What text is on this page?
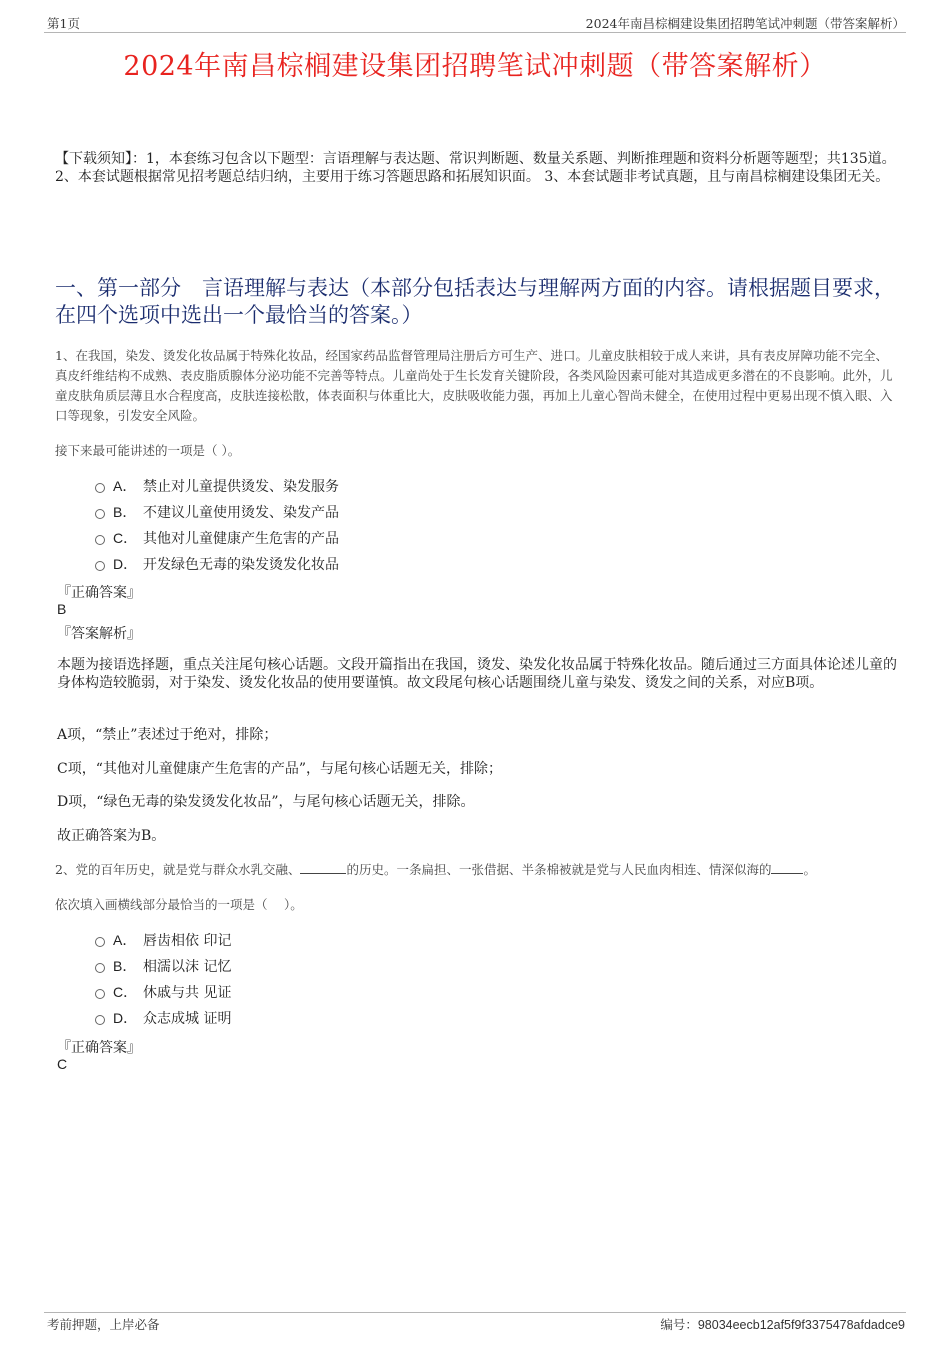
第1页	2024年南昌棕榈建设集团招聘笔试冲刺题（带答案解析）
2024年南昌棕榈建设集团招聘笔试冲刺题（带答案解析）
【下载须知】：1，本套练习包含以下题型：言语理解与表达题、常识判断题、数量关系题、判断推理题和资料分析题等题型；共135道。 2、本套试题根据常见招考题总结归纳，主要用于练习答题思路和拓展知识面。 3、本套试题非考试真题，且与南昌棕榈建设集团无关。
一、第一部分　言语理解与表达（本部分包括表达与理解两方面的内容。请根据题目要求，在四个选项中选出一个最恰当的答案。）
1、在我国，染发、烫发化妆品属于特殊化妆品，经国家药品监督管理局注册后方可生产、进口。儿童皮肤相较于成人来讲，具有表皮屏障功能不完全、真皮纤维结构不成熟、表皮脂质腺体分泌功能不完善等特点。儿童尚处于生长发育关键阶段，各类风险因素可能对其造成更多潜在的不良影响。此外，儿童皮肤角质层薄且水合程度高，皮肤连接松散，体表面积与体重比大，皮肤吸收能力强，再加上儿童心智尚未健全，在使用过程中更易出现不慎入眼、入口等现象，引发安全风险。
接下来最可能讲述的一项是（ ）。
A． 禁止对儿童提供烫发、染发服务
B． 不建议儿童使用烫发、染发产品
C． 其他对儿童健康产生危害的产品
D． 开发绿色无毒的染发烫发化妆品
『正确答案』
B
『答案解析』
本题为接语选择题，重点关注尾句核心话题。文段开篇指出在我国，烫发、染发化妆品属于特殊化妆品。随后通过三方面具体论述儿童的身体构造较脆弱，对于染发、烫发化妆品的使用要谨慎。故文段尾句核心话题围绕儿童与染发、烫发之间的关系，对应B项。
A项，“禁止”表述过于绝对，排除；
C项，“其他对儿童健康产生危害的产品”，与尾句核心话题无关，排除；
D项，“绿色无毒的染发烫发化妆品”，与尾句核心话题无关，排除。
故正确答案为B。
2、党的百年历史，就是党与群众水乳交融、	的历史。一条扁担、一张借据、半条棉被就是党与人民血肉相连、情深似海的	。
依次填入画横线部分最恰当的一项是（　 ）。
A． 唇齿相依 印记
B． 相濡以沫 记忆
C． 休戚与共 见证
D． 众志成城 证明
『正确答案』
C
考前押题，上岸必备	编号：98034eecb12af5f9f3375478afdadce9
